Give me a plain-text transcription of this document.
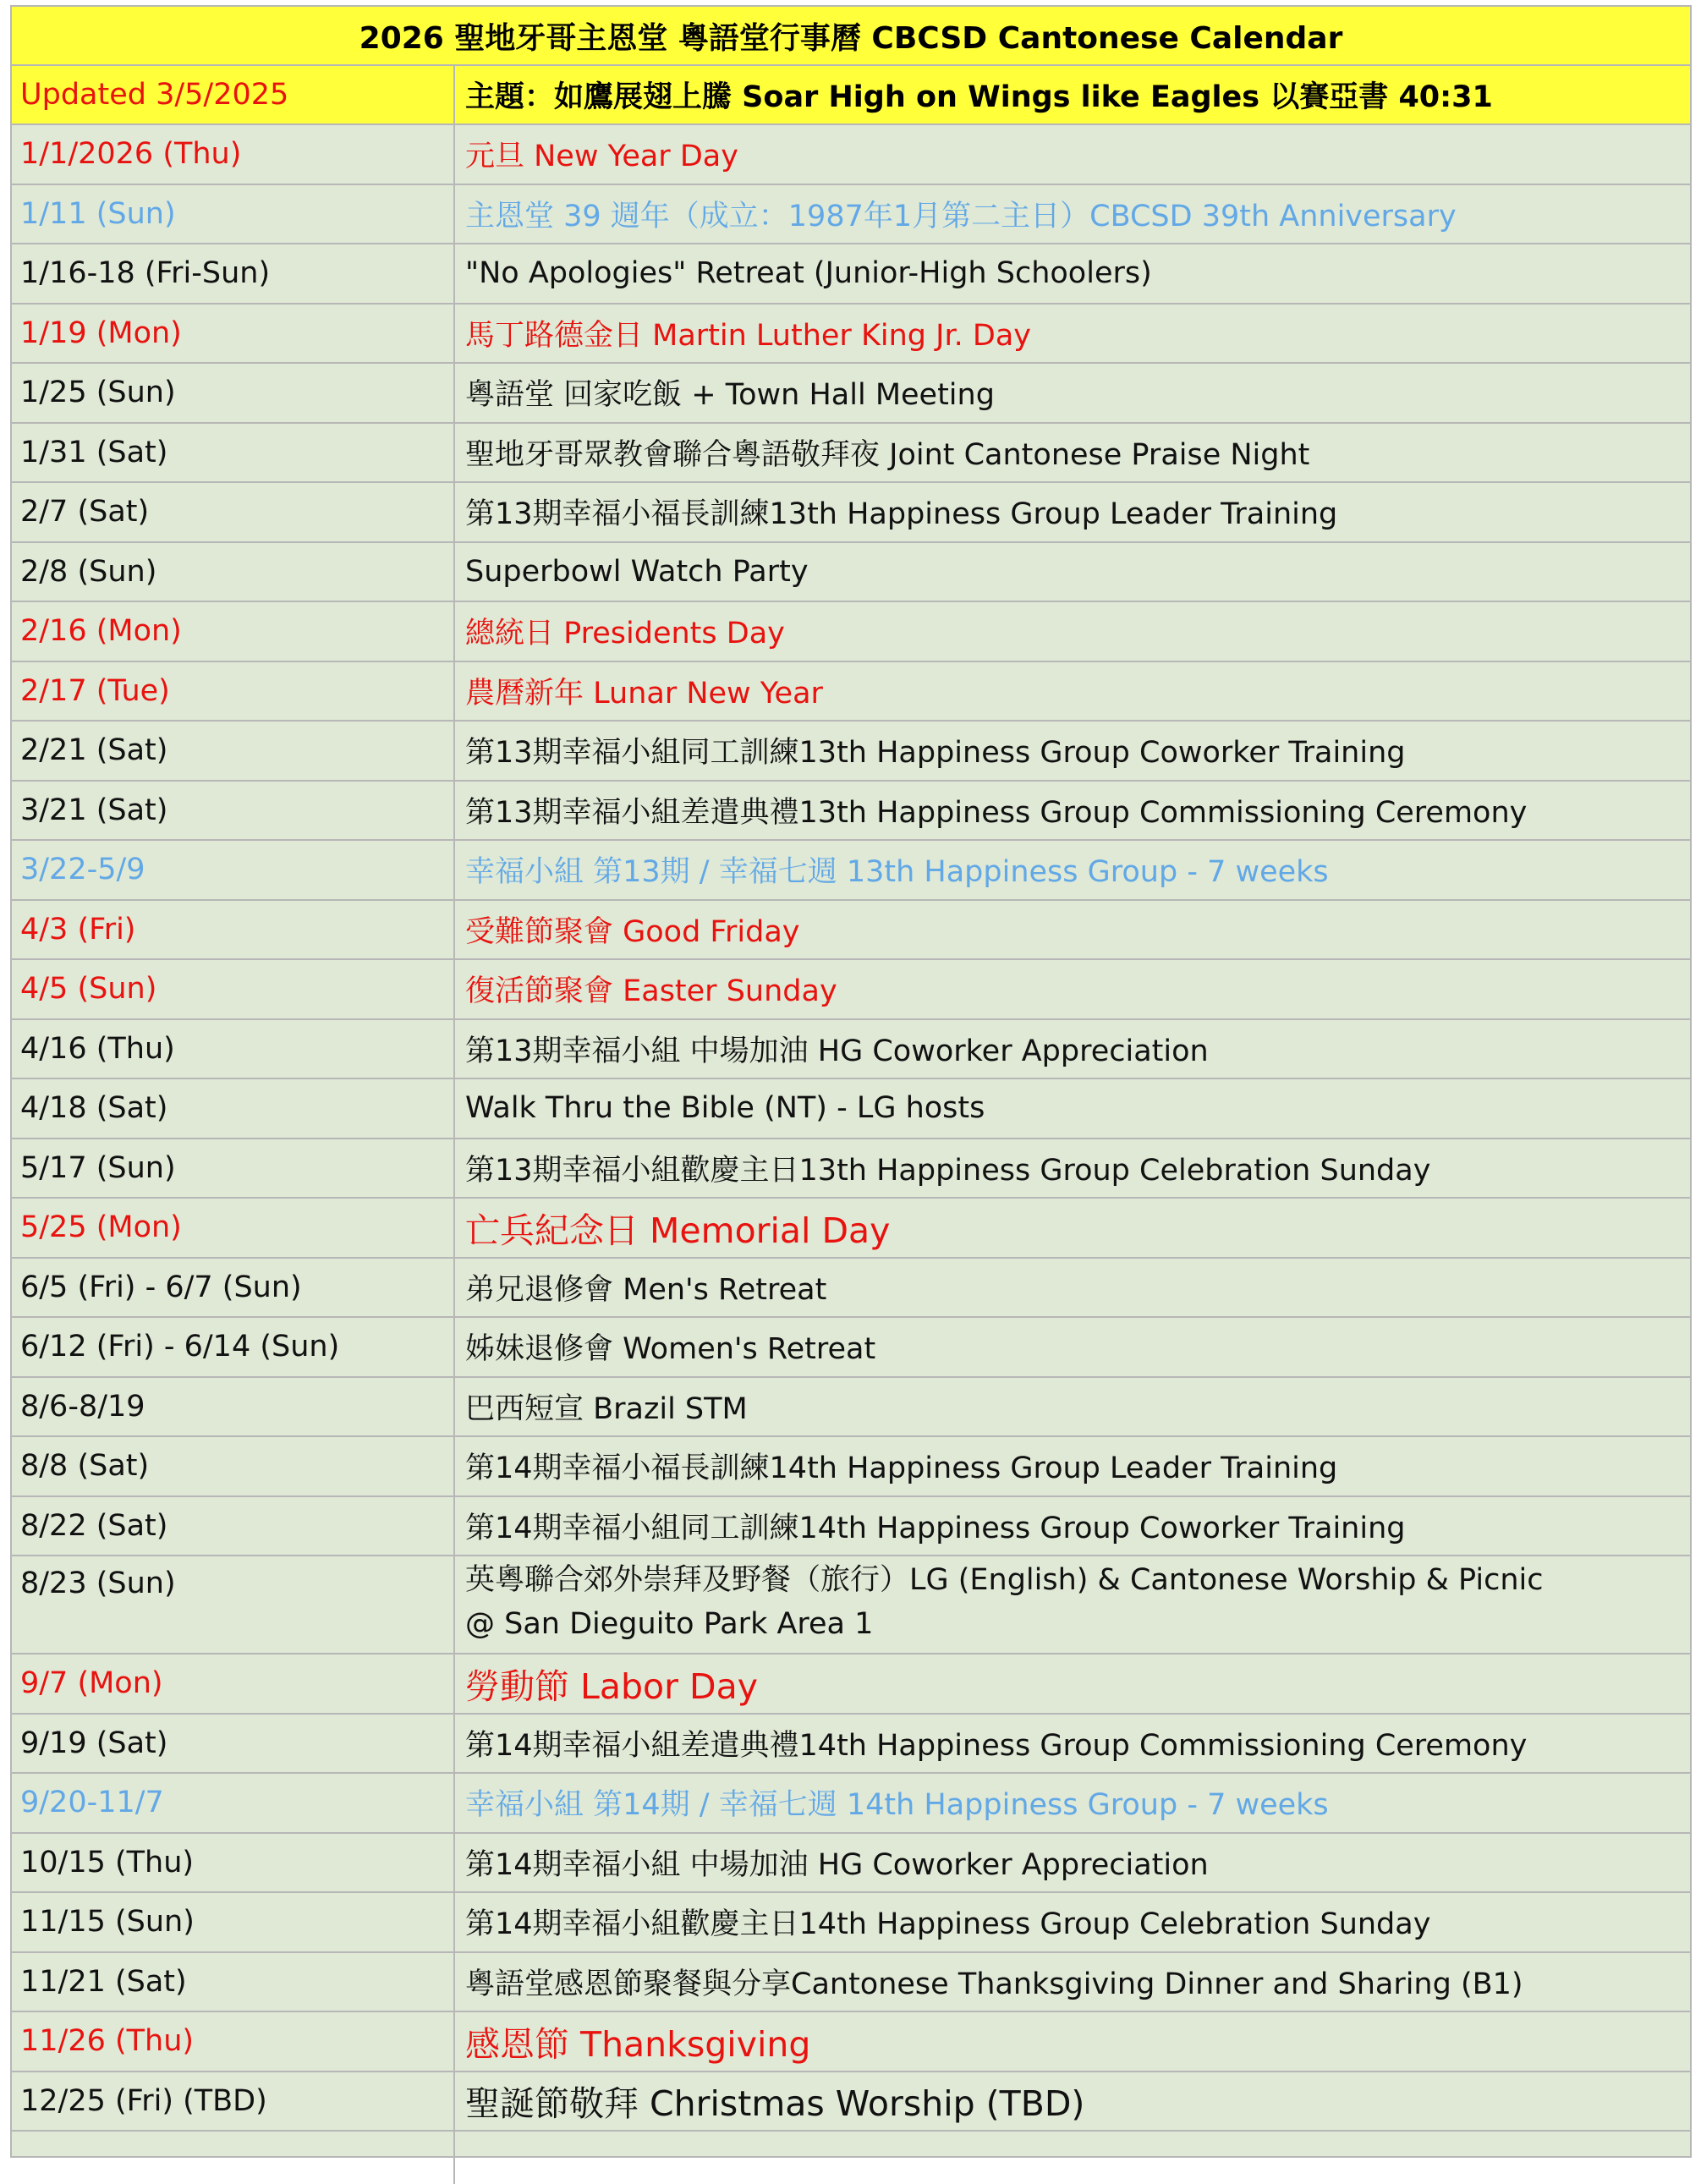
2026 聖地牙哥主恩堂 粵語堂行事曆 CBCSD Cantonese Calendar
Updated 3/5/2025	主題：如鷹展翅上騰 Soar High on Wings like Eagles 以賽亞書 40:31
1/1/2026 (Thu)	元旦 New Year Day
1/11 (Sun)	主恩堂 39 週年（成立：1987年1月第二主日）CBCSD 39th Anniversary
1/16-18 (Fri-Sun)	"No Apologies" Retreat (Junior-High Schoolers)
1/19 (Mon)	馬丁路德金日 Martin Luther King Jr. Day
1/25 (Sun)	粵語堂 回家吃飯 + Town Hall Meeting
1/31 (Sat)	聖地牙哥眾教會聯合粵語敬拜夜 Joint Cantonese Praise Night
2/7 (Sat)	第13期幸福小福長訓練13th Happiness Group Leader Training
2/8 (Sun)	Superbowl Watch Party
2/16 (Mon)	總統日 Presidents Day
2/17 (Tue)	農曆新年 Lunar New Year
2/21 (Sat)	第13期幸福小組同工訓練13th Happiness Group Coworker Training
3/21 (Sat)	第13期幸福小組差遣典禮13th Happiness Group Commissioning Ceremony
3/22-5/9	幸福小組 第13期 / 幸福七週 13th Happiness Group - 7 weeks
4/3 (Fri)	受難節聚會 Good Friday
4/5 (Sun)	復活節聚會 Easter Sunday
4/16 (Thu)	第13期幸福小組 中場加油 HG Coworker Appreciation
4/18 (Sat)	Walk Thru the Bible (NT) - LG hosts
5/17 (Sun)	第13期幸福小組歡慶主日13th Happiness Group Celebration Sunday
5/25 (Mon)	亡兵紀念日 Memorial Day
6/5 (Fri) - 6/7 (Sun)	弟兄退修會 Men's Retreat
6/12 (Fri) - 6/14 (Sun)	姊妹退修會 Women's Retreat
8/6-8/19	巴西短宣 Brazil STM
8/8 (Sat)	第14期幸福小福長訓練14th Happiness Group Leader Training
8/22 (Sat)	第14期幸福小組同工訓練14th Happiness Group Coworker Training
8/23 (Sun)	英粵聯合郊外崇拜及野餐（旅行）LG (English) & Cantonese Worship & Picnic
@ San Dieguito Park Area 1
9/7 (Mon)	勞動節 Labor Day
9/19 (Sat)	第14期幸福小組差遣典禮14th Happiness Group Commissioning Ceremony
9/20-11/7	幸福小組 第14期 / 幸福七週 14th Happiness Group - 7 weeks
10/15 (Thu)	第14期幸福小組 中場加油 HG Coworker Appreciation
11/15 (Sun)	第14期幸福小組歡慶主日14th Happiness Group Celebration Sunday
11/21 (Sat)	粵語堂感恩節聚餐與分享Cantonese Thanksgiving Dinner and Sharing (B1)
11/26 (Thu)	感恩節 Thanksgiving
12/25 (Fri) (TBD)	聖誕節敬拜 Christmas Worship (TBD)
